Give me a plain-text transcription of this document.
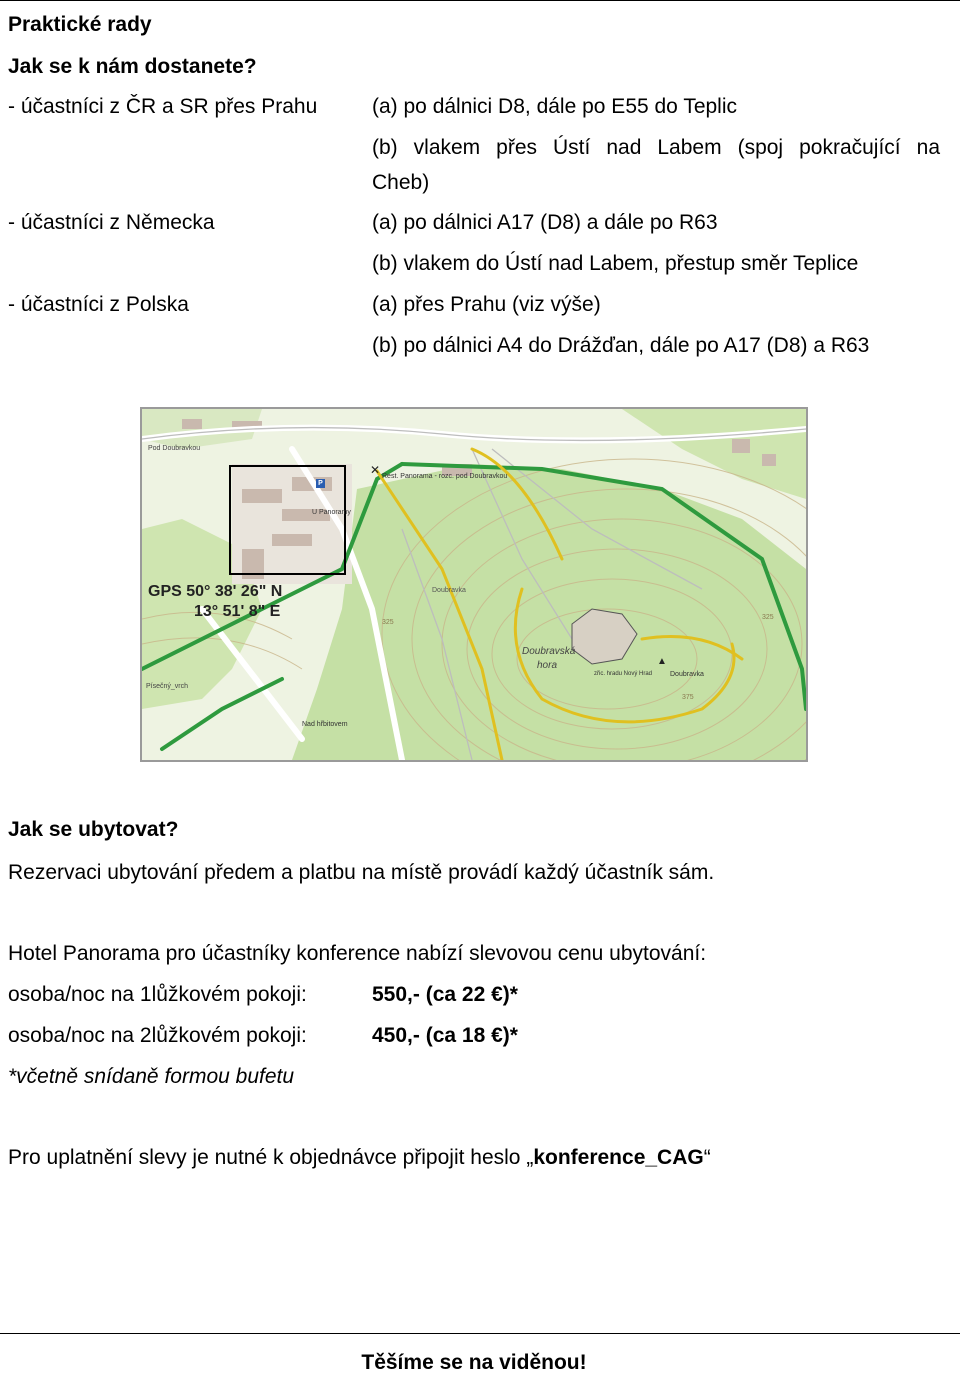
Praktické rady
Jak se k nám dostanete?
- účastníci z ČR a SR přes Prahu	(a) po dálnici D8, dále po E55 do Teplic
(b) vlakem přes Ústí nad Labem (spoj pokračující na
Cheb)
- účastníci z Německa	(a) po dálnici A17 (D8) a dále po R63
(b) vlakem do Ústí nad Labem, přestup směr Teplice
- účastníci z Polska	(a) přes Prahu (viz výše)
(b) po dálnici A4 do Drážďan, dále po A17 (D8) a R63
GPS 50° 38' 26" N
13° 51' 8" E
Rest. Panorama - rozc. pod Doubravkou
Pod Doubravkou
Doubravka
Doubravská
hora
Doubravka
zřic. hradu Nový Hrad
Písečný_vrch
U Panoramy
Nad hřbitovem
325
375
325
P
✕
▲
Jak se ubytovat?
Rezervaci ubytování předem a platbu na místě provádí každý účastník sám.
Hotel Panorama pro účastníky konference nabízí slevovou cenu ubytování:
osoba/noc na 1lůžkovém pokoji:	550,- (ca 22 €)*
osoba/noc na 2lůžkovém pokoji:	450,- (ca 18 €)*
*včetně snídaně formou bufetu
Pro uplatnění slevy je nutné k objednávce připojit heslo „konference_CAG“
Těšíme se na viděnou!
